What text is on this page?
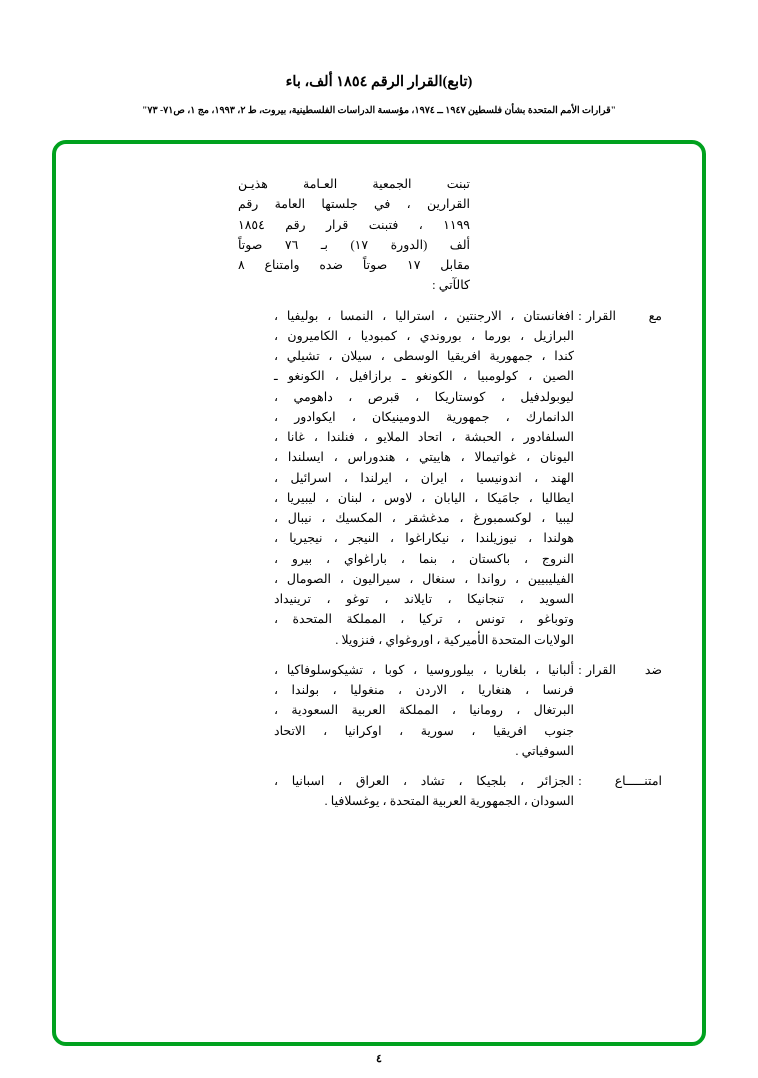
(تابع)القرار الرقم ١٨٥٤ ألف، باء
"قرارات الأمم المتحدة بشأن فلسطين ١٩٤٧ ــ ١٩٧٤، مؤسسة الدراسات الفلسطينية، بيروت، ط ٢، ١٩٩٣، مج ١، ص٧١- ٧٣"
تبنت الجمعية العـامة هذيـن
القرارين ، في جلستها العامة رقم
١١٩٩ ، فتبنت قرار رقم ١٨٥٤
ألف (الدورة ١٧) بـ ٧٦ صوتاً
مقابل ١٧ صوتاً ضده وامتناع ٨
كالآتي :
مع القرار
:
افغانستان ، الارجنتين ، استراليا ، النمسا ، بوليفيا ،
البرازيل ، بورما ، بوروندي ، كمبوديا ، الكاميرون ،
كندا ، جمهورية افريقيا الوسطى ، سيلان ، تشيلي ،
الصين ، كولومبيا ، الكونغو ـ برازافيل ، الكونغو ـ
ليوبولدفيل ، كوستاريكا ، قبرص ، داهومي ،
الدانمارك ، جمهورية الدومينيكان ، ايكوادور ،
السلفادور ، الحبشة ، اتحاد الملايو ، فنلندا ، غانا ،
اليونان ، غواتيمالا ، هاييتي ، هندوراس ، ايسلندا ،
الهند ، اندونيسيا ، ايران ، ايرلندا ، اسرائيل ،
ايطاليا ، جامَيكا ، اليابان ، لاوس ، لبنان ، ليبيريا ،
ليبيا ، لوكسمبورغ ، مدغشقر ، المكسيك ، نيبال ،
هولندا ، نيوزيلندا ، نيكاراغوا ، النيجر ، نيجيريا ،
النروج ، باكستان ، بنما ، باراغواي ، بيرو ،
الفيليبيين ، رواندا ، سنغال ، سيراليون ، الصومال ،
السويد ، تنجانيكا ، تايلاند ، توغو ، ترينيداد
وتوباغو ، تونس ، تركيا ، المملكة المتحدة ،
الولايات المتحدة الأميركية ، اوروغواي ، فنزويلا .
ضد القرار
:
ألبانيا ، بلغاريا ، بيلوروسيا ، كوبا ، تشيكوسلوفاكيا ،
فرنسا ، هنغاريا ، الاردن ، منغوليا ، بولندا ،
البرتغال ، رومانيا ، المملكة العربية السعودية ،
جنوب افريقيا ، سورية ، اوكرانيا ، الاتحاد
السوفياتي .
امتنـــــاع
:
الجزائر ، بلجيكا ، تشاد ، العراق ، اسبانيا ،
السودان ، الجمهورية العربية المتحدة ، يوغسلافيا .
٤
